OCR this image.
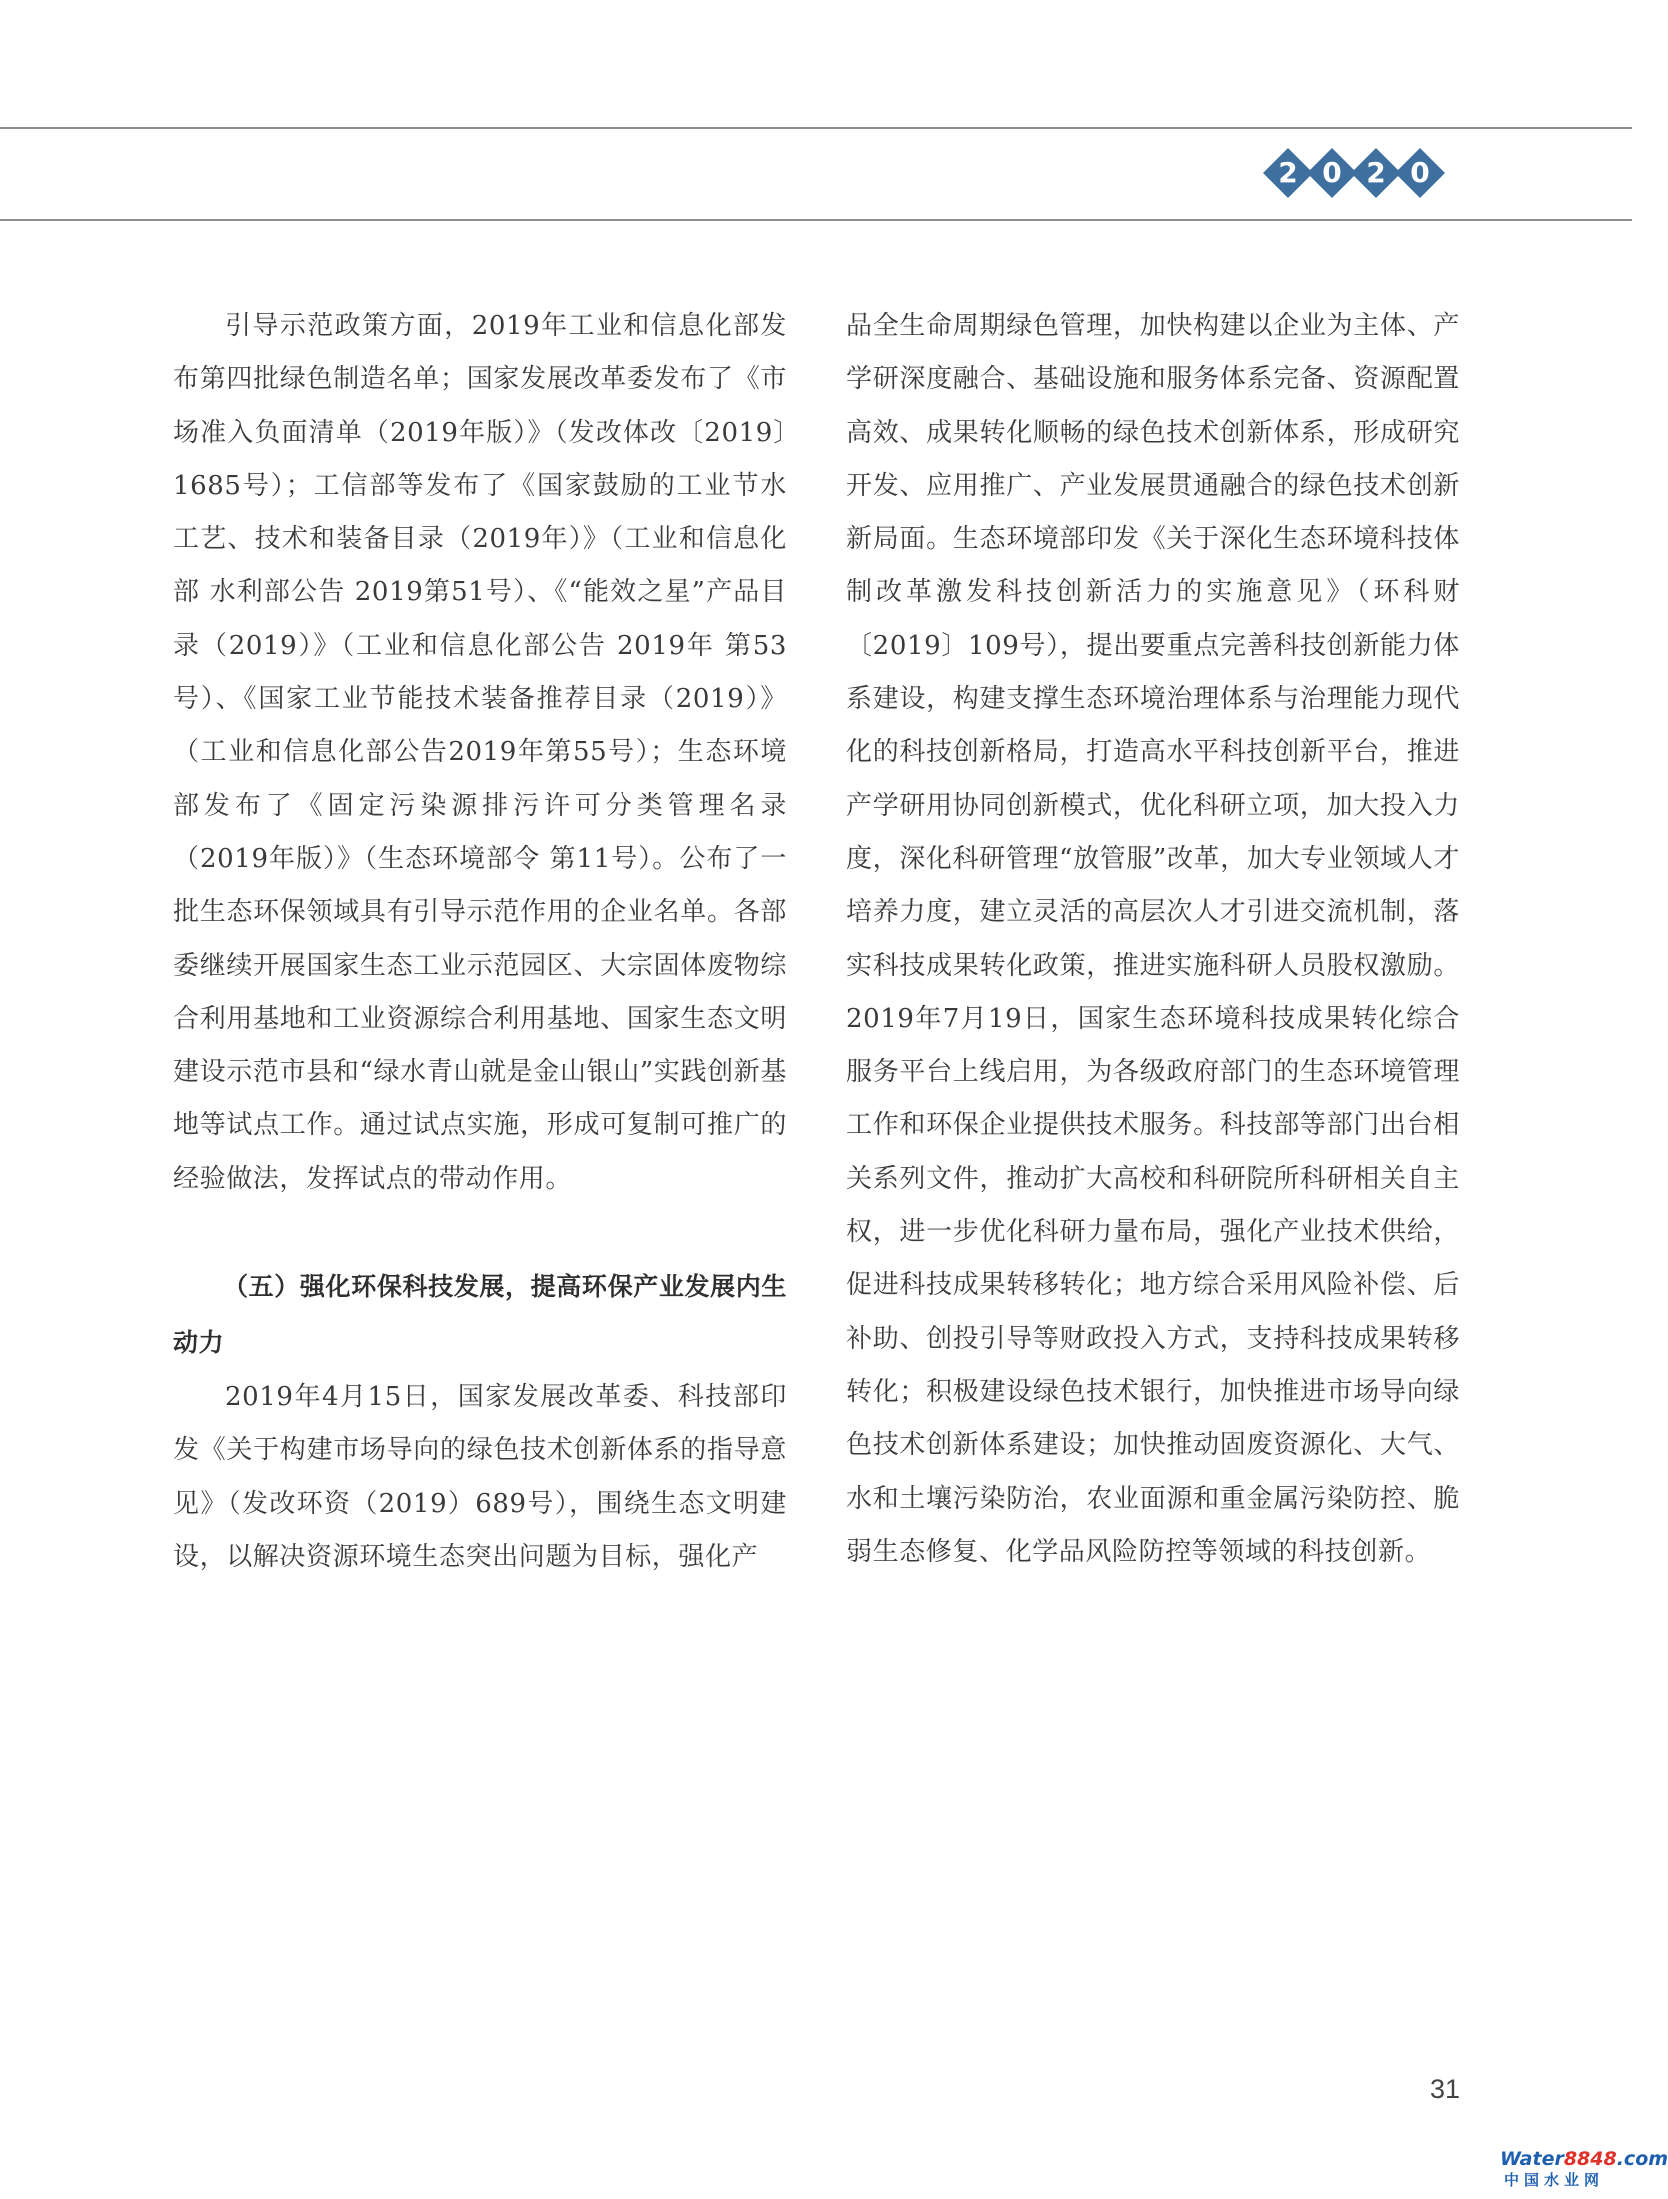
2 0 2 0

引导示范政策方面，2019年工业和信息化部发布第四批绿色制造名单；国家发展改革委发布了《市场准入负面清单（2019年版）》（发改体改〔2019〕1685号）；工信部等发布了《国家鼓励的工业节水工艺、技术和装备目录（2019年）》（工业和信息化部 水利部公告 2019第51号）、《“能效之星”产品目录（2019）》（工业和信息化部公告 2019年 第53号）、《国家工业节能技术装备推荐目录（2019）》（工业和信息化部公告2019年第55号）；生态环境部发布了《固定污染源排污许可分类管理名录（2019年版）》（生态环境部令 第11号）。公布了一批生态环保领域具有引导示范作用的企业名单。各部委继续开展国家生态工业示范园区、大宗固体废物综合利用基地和工业资源综合利用基地、国家生态文明建设示范市县和“绿水青山就是金山银山”实践创新基地等试点工作。通过试点实施，形成可复制可推广的经验做法，发挥试点的带动作用。

（五）强化环保科技发展，提高环保产业发展内生动力

2019年4月15日，国家发展改革委、科技部印发《关于构建市场导向的绿色技术创新体系的指导意见》（发改环资（2019）689号），围绕生态文明建设，以解决资源环境生态突出问题为目标，强化产

品全生命周期绿色管理，加快构建以企业为主体、产学研深度融合、基础设施和服务体系完备、资源配置高效、成果转化顺畅的绿色技术创新体系，形成研究开发、应用推广、产业发展贯通融合的绿色技术创新新局面。生态环境部印发《关于深化生态环境科技体制改革激发科技创新活力的实施意见》（环科财〔2019〕109号），提出要重点完善科技创新能力体系建设，构建支撑生态环境治理体系与治理能力现代化的科技创新格局，打造高水平科技创新平台，推进产学研用协同创新模式，优化科研立项，加大投入力度，深化科研管理“放管服”改革，加大专业领域人才培养力度，建立灵活的高层次人才引进交流机制，落实科技成果转化政策，推进实施科研人员股权激励。2019年7月19日，国家生态环境科技成果转化综合服务平台上线启用，为各级政府部门的生态环境管理工作和环保企业提供技术服务。科技部等部门出台相关系列文件，推动扩大高校和科研院所科研相关自主权，进一步优化科研力量布局，强化产业技术供给，促进科技成果转移转化；地方综合采用风险补偿、后补助、创投引导等财政投入方式，支持科技成果转移转化；积极建设绿色技术银行，加快推进市场导向绿色技术创新体系建设；加快推动固废资源化、大气、水和土壤污染防治，农业面源和重金属污染防控、脆弱生态修复、化学品风险防控等领域的科技创新。

31
Water8848.com
中国水业网
